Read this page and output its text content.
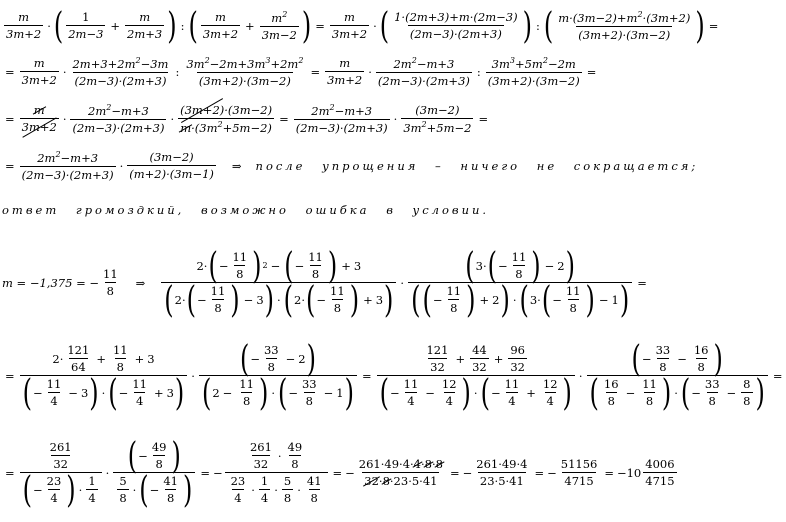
m
3m+2
·
( 1
2m−3
+ $\frac{m}{2m+3}$
) :
( m
3m+2
+ $\frac{m^2}{3m-2}$
) = $\frac{m}{3m+2}$ ·
( 1·(2m+3)+m·(2m−3)
(2m−3)·(2m+3)
)
:
( $m\cdot(3m-2)+m^2\cdot(3m+2)$
(3m+2)·(3m−2)
)
=
= $\frac{m}{3m+2}$ ·
$2m+3+2m^2-3m$
(2m−3)·(2m+3)
: $\frac{3m^2-2m+3m^3+2m^2}{(3m+2)\cdot(3m-2)} = \frac{m}{3m+2}$ ·
$2m^2-m+3$
(2m−3)·(2m+3)
: $\frac{3m^3+5m^2-2m}{(3m+2)\cdot(3m-2)}$ =
= $\frac{m}{3m+2}$ ·
$2m^2-m+3$
(2m−3)·(2m+3)
· $\frac{(3m+2)\cdot(3m-2)}{m\cdot(3m^2+5m-2)} = \frac{2m^2-m+3}{(2m-3)\cdot(2m+3)} \cdot \frac{(3m-2)}{3m^2+5m-2}$ =
= $\frac{2m^2-m+3}{(2m-3)\cdot(2m+3)}$ ·
(3m−2)
(m+2)·(3m−1)
⇒ после упрощения – ничего не сокращается;
ответ громоздкий, возможно ошибка в условии.
m = −1,375 = − $\frac{11}{8}$ ⇒
2· ( − $\frac{11}{8}$
) 2 − ( − $\frac{11}{8}$
) + 3
( 2· ( − $\frac{11}{8}$
) − 3
) · ( 2· ( − $\frac{11}{8}$
) + 3
)
· ( 3· ( − $\frac{11}{8}$
) − 2
)
( ( − $\frac{11}{8}$
) + 2
) · ( 3· ( − $\frac{11}{8}$
) − 1
) =
= 2·
121
64
+ $\frac{11}{8} + 3$
( − $\frac{11}{4} - 3$
) · ( − $\frac{11}{4} + 3$
) · ( − $\frac{33}{8} - 2$
)
( $2 - \frac{11}{8}$
) · ( − $\frac{33}{8} - 1$
) = 121
32
+ $\frac{44}{32} + \frac{96}{32}$
( − $\frac{11}{4} - \frac{12}{4}$
) · ( − $\frac{11}{4} + \frac{12}{4}$
) · ( − $\frac{33}{8} - \frac{16}{8}$
)
( 16
8
− $\frac{11}{8}$
) · ( − $\frac{33}{8} - \frac{8}{8}$
) =
= $\frac{261}{32}$
( − $\frac{23}{4}$
) ·
1
4 · ( − $\frac{49}{8}$
)
5
8
· ( − $\frac{41}{8}$
) = − 261
32
·
49
8
23
4
·
1
4
·
5
8
·
41
8 = − $\frac{261\cdot 49\cdot 4\cdot 4\cdot 8\cdot 8}{32\cdot 8\cdot 23\cdot 5\cdot 41}$ = − $\frac{261\cdot 49\cdot 4}{23\cdot 5\cdot 41}$ = − $\frac{51156}{4715} = -10$
4006
4715
